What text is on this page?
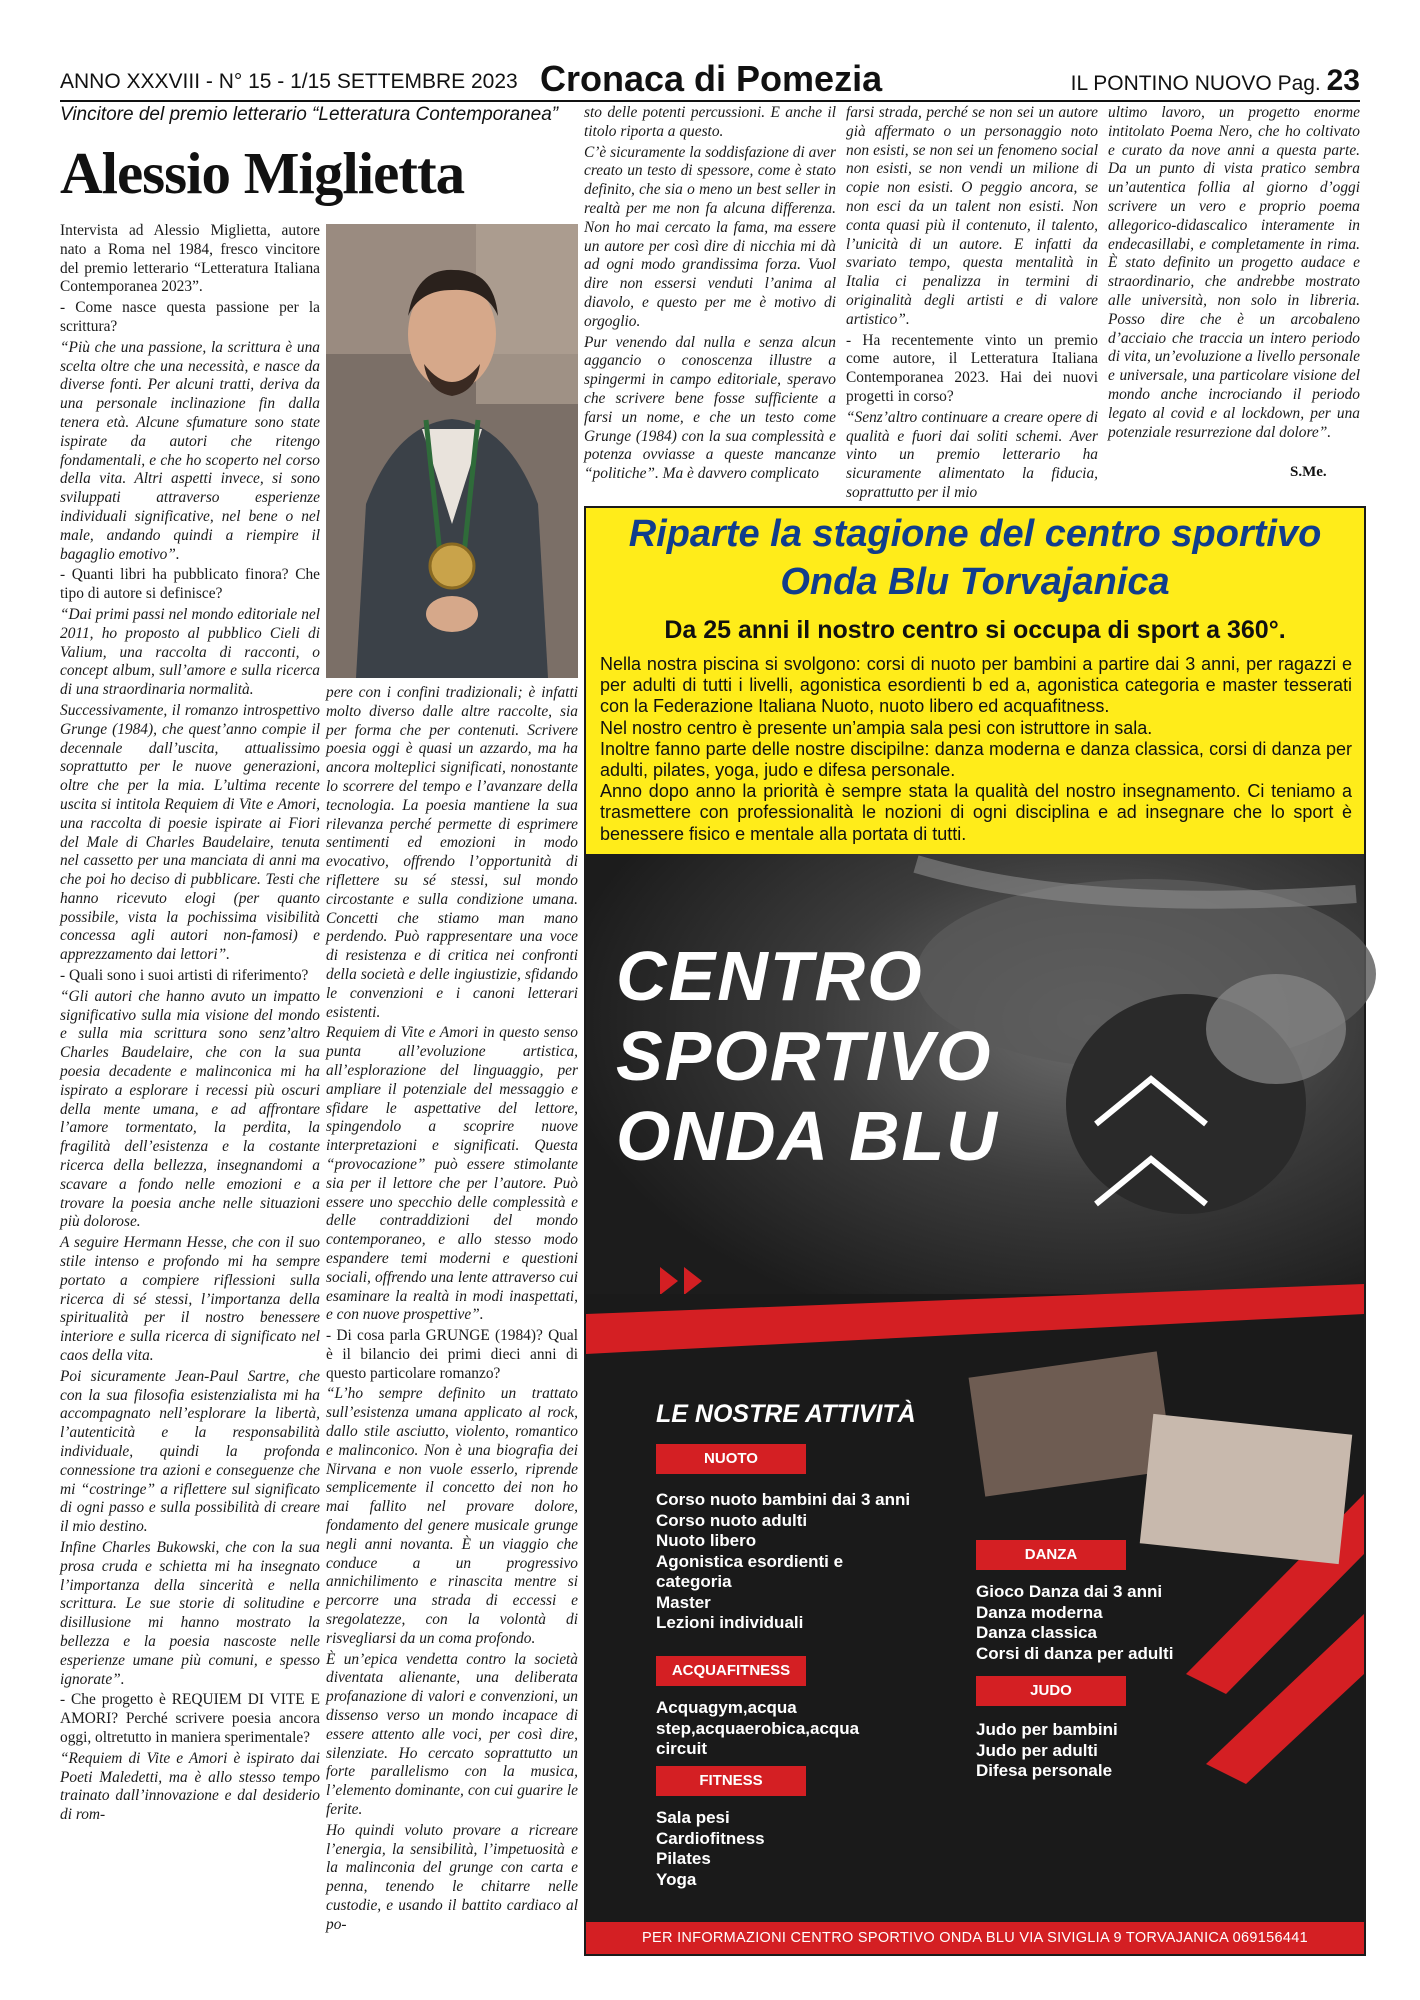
ANNO XXXVIII - N° 15 - 1/15 SETTEMBRE 2023 Cronaca di Pomezia	IL PONTINO NUOVO Pag. 23
Vincitore del premio letterario “Letteratura Contemporanea”
Alessio Miglietta

Intervista ad Alessio Miglietta, autore nato a Roma nel 1984, fresco vincitore del premio letterario “Letteratura Italiana Contemporanea 2023”.

- Come nasce questa passione per la scrittura?

“Più che una passione, la scrittura è una scelta oltre che una necessità, e nasce da diverse fonti. Per alcuni tratti, deriva da una personale inclinazione fin dalla tenera età. Alcune sfumature sono state ispirate da autori che ritengo fondamentali, e che ho scoperto nel corso della vita. Altri aspetti invece, si sono sviluppati attraverso esperienze individuali significative, nel bene o nel male, andando quindi a riempire il bagaglio emotivo”.

- Quanti libri ha pubblicato finora? Che tipo di autore si definisce?

“Dai primi passi nel mondo editoriale nel 2011, ho proposto al pubblico Cieli di Valium, una raccolta di racconti, o concept album, sull’amore e sulla ricerca di una straordinaria normalità.

Successivamente, il romanzo introspettivo Grunge (1984), che quest’anno compie il decennale dall’uscita, attualissimo soprattutto per le nuove generazioni, oltre che per la mia. L’ultima recente uscita si intitola Requiem di Vite e Amori, una raccolta di poesie ispirate ai Fiori del Male di Charles Baudelaire, tenuta nel cassetto per una manciata di anni ma che poi ho deciso di pubblicare. Testi che hanno ricevuto elogi (per quanto possibile, vista la pochissima visibilità concessa agli autori non-famosi) e apprezzamento dai lettori”.

- Quali sono i suoi artisti di riferimento?

“Gli autori che hanno avuto un impatto significativo sulla mia visione del mondo e sulla mia scrittura sono senz’altro Charles Baudelaire, che con la sua poesia decadente e malinconica mi ha ispirato a esplorare i recessi più oscuri della mente umana, e ad affrontare l’amore tormentato, la perdita, la fragilità dell’esistenza e la costante ricerca della bellezza, insegnandomi a scavare a fondo nelle emozioni e a trovare la poesia anche nelle situazioni più dolorose.

A seguire Hermann Hesse, che con il suo stile intenso e profondo mi ha sempre portato a compiere riflessioni sulla ricerca di sé stessi, l’importanza della spiritualità per il nostro benessere interiore e sulla ricerca di significato nel caos della vita.

Poi sicuramente Jean-Paul Sartre, che con la sua filosofia esistenzialista mi ha accompagnato nell’esplorare la libertà, l’autenticità e la responsabilità individuale, quindi la profonda connessione tra azioni e conseguenze che mi “costringe” a riflettere sul significato di ogni passo e sulla possibilità di creare il mio destino.

Infine Charles Bukowski, che con la sua prosa cruda e schietta mi ha insegnato l’importanza della sincerità e nella scrittura. Le sue storie di solitudine e disillusione mi hanno mostrato la bellezza e la poesia nascoste nelle esperienze umane più comuni, e spesso ignorate”.

- Che progetto è REQUIEM DI VITE E AMORI? Perché scrivere poesia ancora oggi, oltretutto in maniera sperimentale?

“Requiem di Vite e Amori è ispirato dai Poeti Maledetti, ma è allo stesso tempo trainato dall’innovazione e dal desiderio di rom-

pere con i confini tradizionali; è infatti molto diverso dalle altre raccolte, sia per forma che per contenuti. Scrivere poesia oggi è quasi un azzardo, ma ha ancora molteplici significati, nonostante lo scorrere del tempo e l’avanzare della tecnologia. La poesia mantiene la sua rilevanza perché permette di esprimere sentimenti ed emozioni in modo evocativo, offrendo l’opportunità di riflettere su sé stessi, sul mondo circostante e sulla condizione umana. Concetti che stiamo man mano perdendo. Può rappresentare una voce di resistenza e di critica nei confronti della società e delle ingiustizie, sfidando le convenzioni e i canoni letterari esistenti.

Requiem di Vite e Amori in questo senso punta all’evoluzione artistica, all’esplorazione del linguaggio, per ampliare il potenziale del messaggio e sfidare le aspettative del lettore, spingendolo a scoprire nuove interpretazioni e significati. Questa “provocazione” può essere stimolante sia per il lettore che per l’autore. Può essere uno specchio delle complessità e delle contraddizioni del mondo contemporaneo, e allo stesso modo espandere temi moderni e questioni sociali, offrendo una lente attraverso cui esaminare la realtà in modi inaspettati, e con nuove prospettive”.

- Di cosa parla GRUNGE (1984)? Qual è il bilancio dei primi dieci anni di questo particolare romanzo?

“L’ho sempre definito un trattato sull’esistenza umana applicato al rock, dallo stile asciutto, violento, romantico e malinconico. Non è una biografia dei Nirvana e non vuole esserlo, riprende semplicemente il concetto dei non ho mai fallito nel provare dolore, fondamento del genere musicale grunge negli anni novanta. È un viaggio che conduce a un progressivo annichilimento e rinascita mentre si percorre una strada di eccessi e sregolatezze, con la volontà di risvegliarsi da un coma profondo.

È un’epica vendetta contro la società diventata alienante, una deliberata profanazione di valori e convenzioni, un dissenso verso un mondo incapace di essere attento alle voci, per così dire, silenziate. Ho cercato soprattutto un forte parallelismo con la musica, l’elemento dominante, con cui guarire le ferite.

Ho quindi voluto provare a ricreare l’energia, la sensibilità, l’impetuosità e la malinconia del grunge con carta e penna, tenendo le chitarre nelle custodie, e usando il battito cardiaco al po-

sto delle potenti percussioni. E anche il titolo riporta a questo.

C’è sicuramente la soddisfazione di aver creato un testo di spessore, come è stato definito, che sia o meno un best seller in realtà per me non fa alcuna differenza. Non ho mai cercato la fama, ma essere un autore per così dire di nicchia mi dà ad ogni modo grandissima forza. Vuol dire non essersi venduti l’anima al diavolo, e questo per me è motivo di orgoglio.

Pur venendo dal nulla e senza alcun aggancio o conoscenza illustre a spingermi in campo editoriale, speravo che scrivere bene fosse sufficiente a farsi un nome, e che un testo come Grunge (1984) con la sua complessità e potenza ovviasse a queste mancanze “politiche”. Ma è davvero complicato

farsi strada, perché se non sei un autore già affermato o un personaggio noto non esisti, se non sei un fenomeno social non esisti, se non vendi un milione di copie non esisti. O peggio ancora, se non esci da un talent non esisti. Non conta quasi più il contenuto, il talento, l’unicità di un autore. E infatti da svariato tempo, questa mentalità in Italia ci penalizza in termini di originalità degli artisti e di valore artistico”.

- Ha recentemente vinto un premio come autore, il Letteratura Italiana Contemporanea 2023. Hai dei nuovi progetti in corso?

“Senz’altro continuare a creare opere di qualità e fuori dai soliti schemi. Aver vinto un premio letterario ha sicuramente alimentato la fiducia, soprattutto per il mio

ultimo lavoro, un progetto enorme intitolato Poema Nero, che ho coltivato e curato da nove anni a questa parte. Da un punto di vista pratico sembra un’autentica follia al giorno d’oggi scrivere un vero e proprio poema allegorico-didascalico interamente in endecasillabi, e completamente in rima. È stato definito un progetto audace e straordinario, che andrebbe mostrato alle università, non solo in libreria. Posso dire che è un arcobaleno d’acciaio che traccia un intero periodo di vita, un’evoluzione a livello personale e universale, una particolare visione del mondo anche incrociando il periodo legato al covid e al lockdown, per una potenziale resurrezione dal dolore”.

S.Me.
Riparte la stagione del centro sportivo
Onda Blu Torvajanica
Da 25 anni il nostro centro si occupa di sport a 360°.

Nella nostra piscina si svolgono: corsi di nuoto per bambini a partire dai 3 anni, per ragazzi e per adulti di tutti i livelli, agonistica esordienti b ed a, agonistica categoria e master tesserati con la Federazione Italiana Nuoto, nuoto libero ed acquafitness.

Nel nostro centro è presente un’ampia sala pesi con istruttore in sala.

Inoltre fanno parte delle nostre discipilne: danza moderna e danza classica, corsi di danza per adulti, pilates, yoga, judo e difesa personale.

Anno dopo anno la priorità è sempre stata la qualità del nostro insegnamento. Ci teniamo a trasmettere con professionalità le nozioni di ogni disciplina e ad insegnare che lo sport è benessere fisico e mentale alla portata di tutti.

CENTRO
SPORTIVO
ONDA BLU
LE NOSTRE ATTIVITÀ
NUOTO
Corso nuoto bambini dai 3 anni
Corso nuoto adulti
Nuoto libero
Agonistica esordienti e
categoria
Master
Lezioni individuali
ACQUAFITNESS
Acquagym,acqua
step,acquaerobica,acqua
circuit
FITNESS
Sala pesi
Cardiofitness
Pilates
Yoga
DANZA
Gioco Danza dai 3 anni
Danza moderna
Danza classica
Corsi di danza per adulti
JUDO
Judo per bambini
Judo per adulti
Difesa personale
PER INFORMAZIONI CENTRO SPORTIVO ONDA BLU VIA SIVIGLIA 9 TORVAJANICA 069156441
